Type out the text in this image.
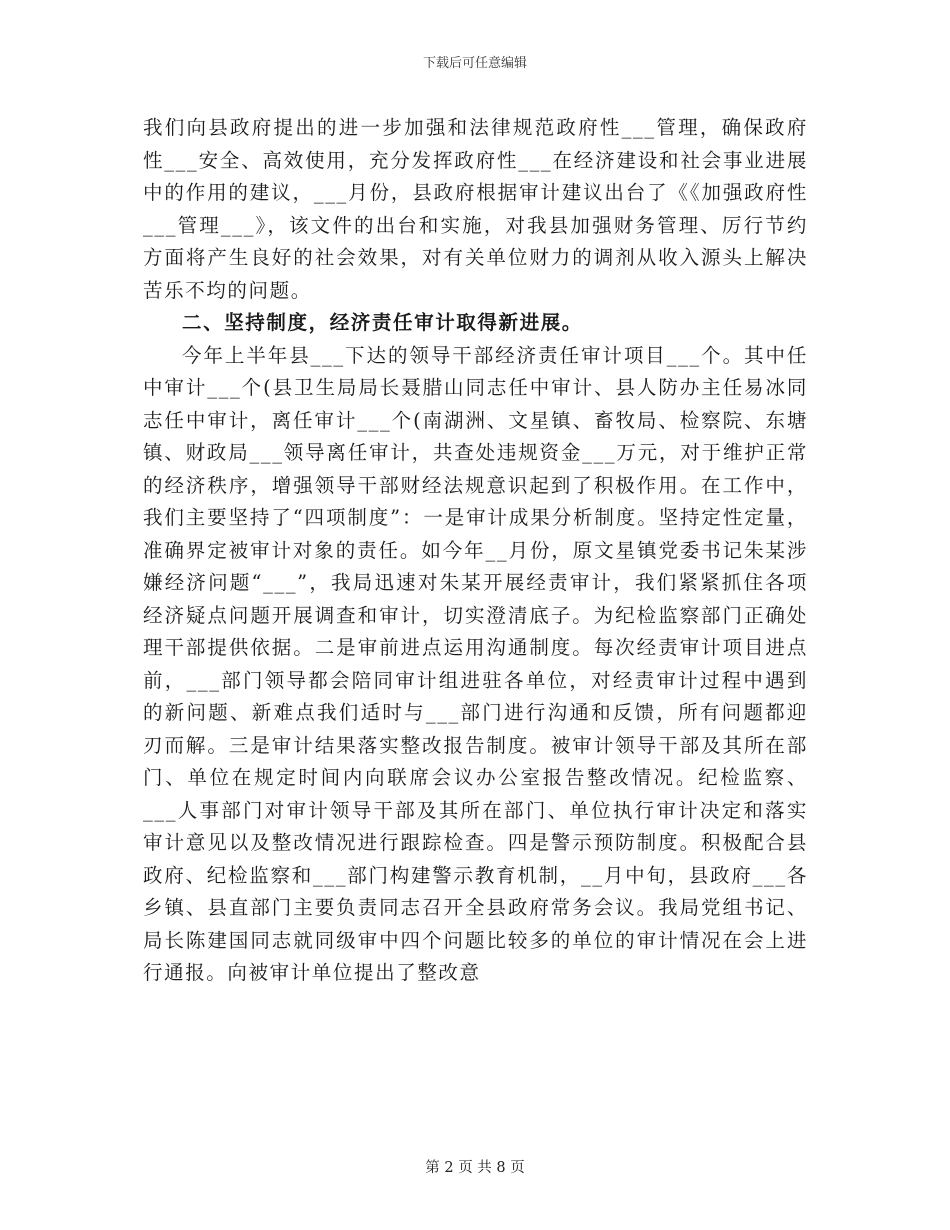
下载后可任意编辑

我们向县政府提出的进一步加强和法律规范政府性___管理，确保政府性___安全、高效使用，充分发挥政府性___在经济建设和社会事业进展中的作用的建议，___月份，县政府根据审计建议出台了《《加强政府性___管理___》，该文件的出台和实施，对我县加强财务管理、厉行节约方面将产生良好的社会效果，对有关单位财力的调剂从收入源头上解决苦乐不均的问题。

二、坚持制度，经济责任审计取得新进展。

今年上半年县___下达的领导干部经济责任审计项目___个。其中任中审计___个(县卫生局局长聂腊山同志任中审计、县人防办主任易冰同志任中审计，离任审计___个(南湖洲、文星镇、畜牧局、检察院、东塘镇、财政局___领导离任审计，共查处违规资金___万元，对于维护正常的经济秩序，增强领导干部财经法规意识起到了积极作用。在工作中，我们主要坚持了“四项制度”：一是审计成果分析制度。坚持定性定量，准确界定被审计对象的责任。如今年__月份，原文星镇党委书记朱某涉嫌经济问题“___”，我局迅速对朱某开展经责审计，我们紧紧抓住各项经济疑点问题开展调查和审计，切实澄清底子。为纪检监察部门正确处理干部提供依据。二是审前进点运用沟通制度。每次经责审计项目进点前，___部门领导都会陪同审计组进驻各单位，对经责审计过程中遇到的新问题、新难点我们适时与___部门进行沟通和反馈，所有问题都迎刃而解。三是审计结果落实整改报告制度。被审计领导干部及其所在部门、单位在规定时间内向联席会议办公室报告整改情况。纪检监察、___人事部门对审计领导干部及其所在部门、单位执行审计决定和落实审计意见以及整改情况进行跟踪检查。四是警示预防制度。积极配合县政府、纪检监察和___部门构建警示教育机制，__月中旬，县政府___各乡镇、县直部门主要负责同志召开全县政府常务会议。我局党组书记、局长陈建国同志就同级审中四个问题比较多的单位的审计情况在会上进行通报。向被审计单位提出了整改意

第 2 页 共 8 页
